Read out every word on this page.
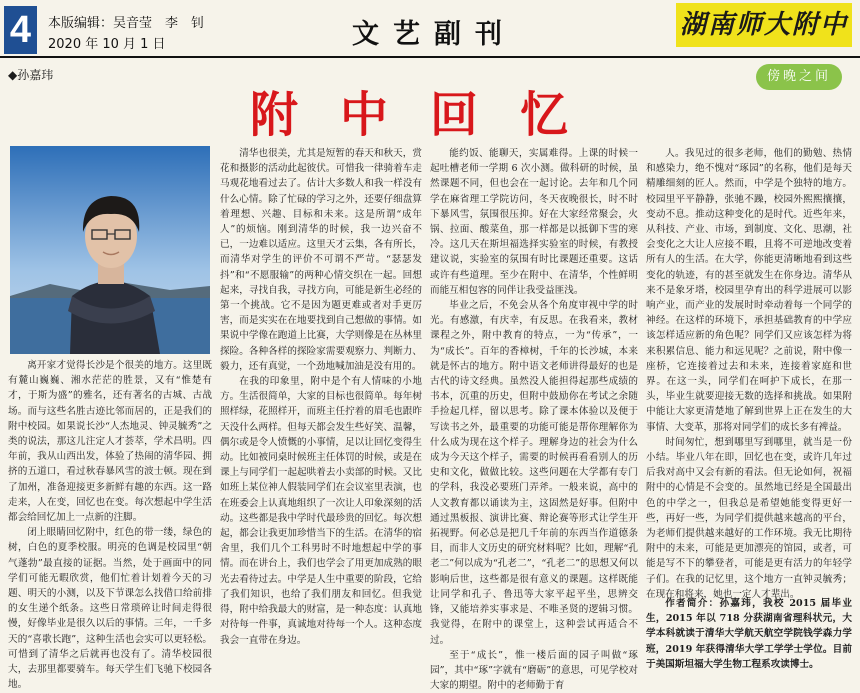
4	本版编辑：吴音莹　李　钊
2020 年 10 月 1 日	文艺副刊	湖南师大附中
◆孙嘉玮
附中回忆
傍晚之间

离开家才觉得长沙是个很美的地方。这里既有麓山巍巍、湘水茫茫的胜景，又有“惟楚有才，于斯为盛”的雅名，还有著名的古城、古战场。而与这些名胜古迹比邻而居的，正是我们的附中校园。如果说长沙“人杰地灵、钟灵毓秀”之类的说法，那这儿注定人才荟萃，学术昌明。四年前，我从山西出发，体验了热闹的清华园、拥挤的五道口，看过秋春暴风雪的波士顿。现在到了加州，准备迎接更多新鲜有趣的东西。这一路走来，人在变，回忆也在变。每次想起中学生活都会给回忆加上一点新的注脚。

闭上眼睛回忆附中，红色的带一缕，绿色的树，白色的夏季校服。明亮的色调是校园里“朝气蓬勃”最直接的证据。当然，处于画面中的同学们可能无暇欣赏，他们忙着计划着今天的习题、明天的小测，以及下节课怎么找借口给前排的女生递个纸条。这些日常琐碎让时间走得很慢，好像毕业是很久以后的事情。三年，一千多天的“喜歌长跑”，这种生活也会实可以更轻松。可惜到了清华之后就再也没有了。清华校园很大，去那里都要骑车。每天学生们飞驰下校园各地。

清华也很美，尤其是短暂的春天和秋天，赏花和摄影的活动此起彼伏。可惜我一律骑着车走马观花地看过去了。估计大多数人和我一样没有什么心情。除了忙碌的学习之外，还要仔细盘算着理想、兴趣、目标和未来。这是所谓“成年人”的烦恼。刚到清华的时候，我一边兴奋不已，一边难以适应。这里天才云集，各有所长，而清华对学生的评价不可谓不严苛。“瑟瑟发抖”和“不愿服输”的两种心情交织在一起。回想起来，寻找自我，寻找方向，可能是新生必经的第一个挑战。它不是因为题更难或者对手更厉害，而是实实在在地要找到自己想做的事情。如果说中学像在跑道上比赛，大学则像是在丛林里探险。各种各样的探险家需要观察力、判断力、毅力，还有真觉，一个劲地喊加油是没有用的。

在我的印象里，附中是个有人情味的小地方。生活很简单，大家的目标也很简单。每年树照样绿，花照样开，而班主任拧着的眉毛也跟昨天没什么两样。但每天都会发生些好笑、温馨，偶尔或是令人愤慨的小事情，足以让回忆变得生动。比如被同桌时候班主任体罚的时候，或是在课上与同学们一起起哄着去小卖部的时候。又比如班上某位神人假装同学们在会议室里表演，也在班委会上认真地组织了一次让人印象深刻的活动。这些都是我中学时代最珍贵的回忆。每次想起，都会让我更加珍惜当下的生活。在清华的宿舍里，我们几个工科男时不时地想起中学的事情。而在讲台上，我们也学会了用更加成熟的眼光去看待过去。中学是人生中重要的阶段，它给了我们知识，也给了我们朋友和回忆。但我觉得，附中给我最大的财富，是一种态度：认真地对待每一件事，真诚地对待每一个人。这种态度我会一直带在身边。

能约饭、能聊天，实属难得。上课的时候一起吐槽老师一学期 6 次小测。做科研的时候，虽然课题不同，但也会在一起讨论。去年和几个同学在麻省理工学院访问，冬天夜晚很长，时不时下暴风雪，氛围很压抑。好在大家经常聚会，火锅、拉面、酸菜鱼，那一样都是以抵御下雪的寒冷。这几天在斯坦福选择实验室的时候，有教授建议说，实验室的氛围有时比课题还重要。这话或许有些道理。至少在附中、在清华，个性鲜明而能互相包容的同伴让我受益匪浅。

毕业之后，不免会从各个角度审视中学的时光。有感激，有庆幸，有反思。在我看来，教材课程之外，附中教育的特点，一为“传承”，一为“成长”。百年的香樟树，千年的长沙城，本来就是怀古的地方。附中语文老师讲得最好的也是古代的诗文经典。虽然没人能担得起那些成绩的书本，沉重的历史，但附中鼓励你在考试之余随手捡起几样，留以思考。除了课本体验以及便于写读书之外，最重要的功能可能是帮你理解你为什么成为现在这个样子。理解身边的社会为什么成为今天这个样子，需要的时候再看看别人的历史和文化，做做比较。这些问题在大学都有专门的学科，我没必要班门弄斧。一般来说，高中的人文教育都以诵读为主，这固然是好事。但附中通过黑板报、演讲比赛、辩论赛等形式让学生开拓视野。何必总是把几千年前的东西当作道德条目，而非人文历史的研究材料呢？比如，理解“孔老二”何以成为“孔老二”，“孔老二”的思想又何以影响后世，这些都是很有意义的课题。这样既能让同学和孔子、鲁迅等大家平起平坐，思辨交锋，又能培养实事求是、不唯圣贤的逻辑习惯。我觉得，在附中的课堂上，这种尝试再适合不过。

至于“成长”，惟一楼后面的园子叫做“琢园”，其中“琢”字就有“磨砺”的意思，可见学校对大家的期望。附中的老师勤于育

人。我见过的很多老师，他们的勤勉、热情和感染力，绝不愧对“琢园”的名称，他们是每天精雕细刻的匠人。然而，中学是个独特的地方。校园里平平静静，张驰不躁，校园外熙熙攘攘，变动不息。推动这种变化的是时代。近些年来，从科技、产业、市场，到制度、文化、思潮，社会变化之大让人应接不暇，且将不可逆地改变着所有人的生活。在大学，你能更清晰地看到这些变化的轨迹，有的甚至就发生在你身边。清华从来不是象牙塔，校园里孕育出的科学进展可以影响产业，而产业的发展时时牵动着每一个同学的神经。在这样的环境下，承担基础教育的中学应该怎样适应新的角色呢？同学们又应该怎样为将来积累信息、能力和远见呢？之前说，附中像一座桥，它连接着过去和未来，连接着家庭和世界。在这一头，同学们在呵护下成长，在那一头，毕业生就要迎接无数的选择和挑战。如果附中能让大家更清楚地了解到世界上正在发生的大事情、大变革，那将对同学们的成长多有裨益。

时间匆忙，想到哪里写到哪里，就当是一份小结。毕业八年在即，回忆也在变，或许几年过后我对高中又会有新的看法。但无论如何，祝福附中的心情是不会变的。虽然地已经是全国最出色的中学之一，但我总是希望她能变得更好一些，再好一些，为同学们提供越来越高的平台，为老师们提供越来越好的工作环境。我无比期待附中的未来，可能是更加漂亮的馆园，或者，可能是写不下的攀登者，可能是更有活力的年轻学子们。在我的记忆里，这个地方一直钟灵毓秀；在现在和将来，她也一定人才辈出。

作者简介：孙嘉玮，我校 2015 届毕业生，2015 年以 718 分获湖南省理科状元，大学本科就读于清华大学航天航空学院钱学森力学班，2019 年获得清华大学工学学士学位。目前于美国斯坦福大学生物工程系攻读博士。
